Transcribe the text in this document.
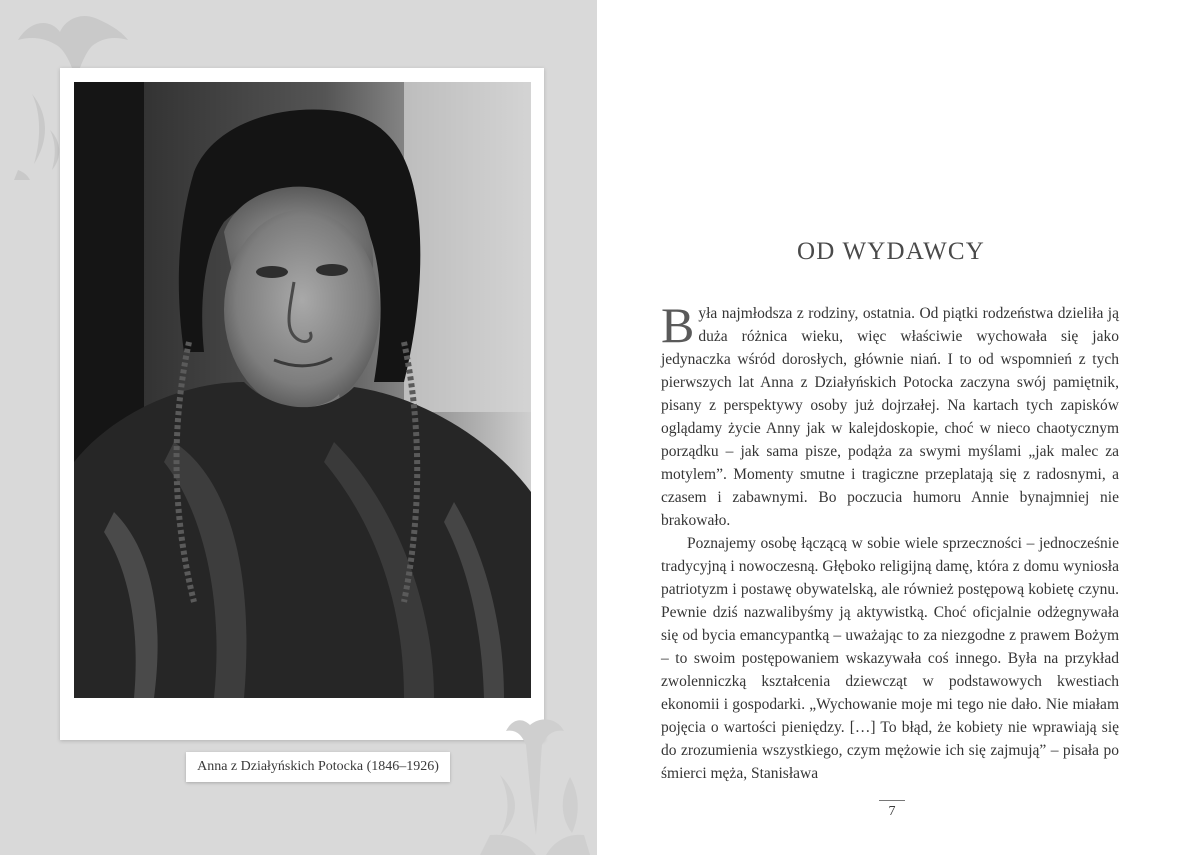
Anna z Działyńskich Potocka (1846–1926)
OD WYDAWCY

Była najmłodsza z rodziny, ostatnia. Od piątki rodzeństwa dzieliła ją duża różnica wieku, więc właściwie wychowała się jako jedynaczka wśród dorosłych, głównie niań. I to od wspomnień z tych pierwszych lat Anna z Działyńskich Potocka zaczyna swój pamiętnik, pisany z perspektywy osoby już dojrzałej. Na kartach tych zapisków oglądamy życie Anny jak w kalejdoskopie, choć w nieco chaotycznym porządku – jak sama pisze, podąża za swymi myślami „jak malec za motylem”. Momenty smutne i tragiczne przeplatają się z radosnymi, a czasem i zabawnymi. Bo poczucia humoru Annie bynajmniej nie brakowało.

Poznajemy osobę łączącą w sobie wiele sprzeczności – jednocześnie tradycyjną i nowoczesną. Głęboko religijną damę, która z domu wyniosła patriotyzm i postawę obywatelską, ale również postępową kobietę czynu. Pewnie dziś nazwalibyśmy ją aktywistką. Choć oficjalnie odżegnywała się od bycia emancypantką – uważając to za niezgodne z prawem Bożym – to swoim postępowaniem wskazywała coś innego. Była na przykład zwolenniczką kształcenia dziewcząt w podstawowych kwestiach ekonomii i gospodarki. „Wychowanie moje mi tego nie dało. Nie miałam pojęcia o wartości pieniędzy. […] To błąd, że kobiety nie wprawiają się do zrozumienia wszystkiego, czym mężowie ich się zajmują” – pisała po śmierci męża, Stanisława

7
